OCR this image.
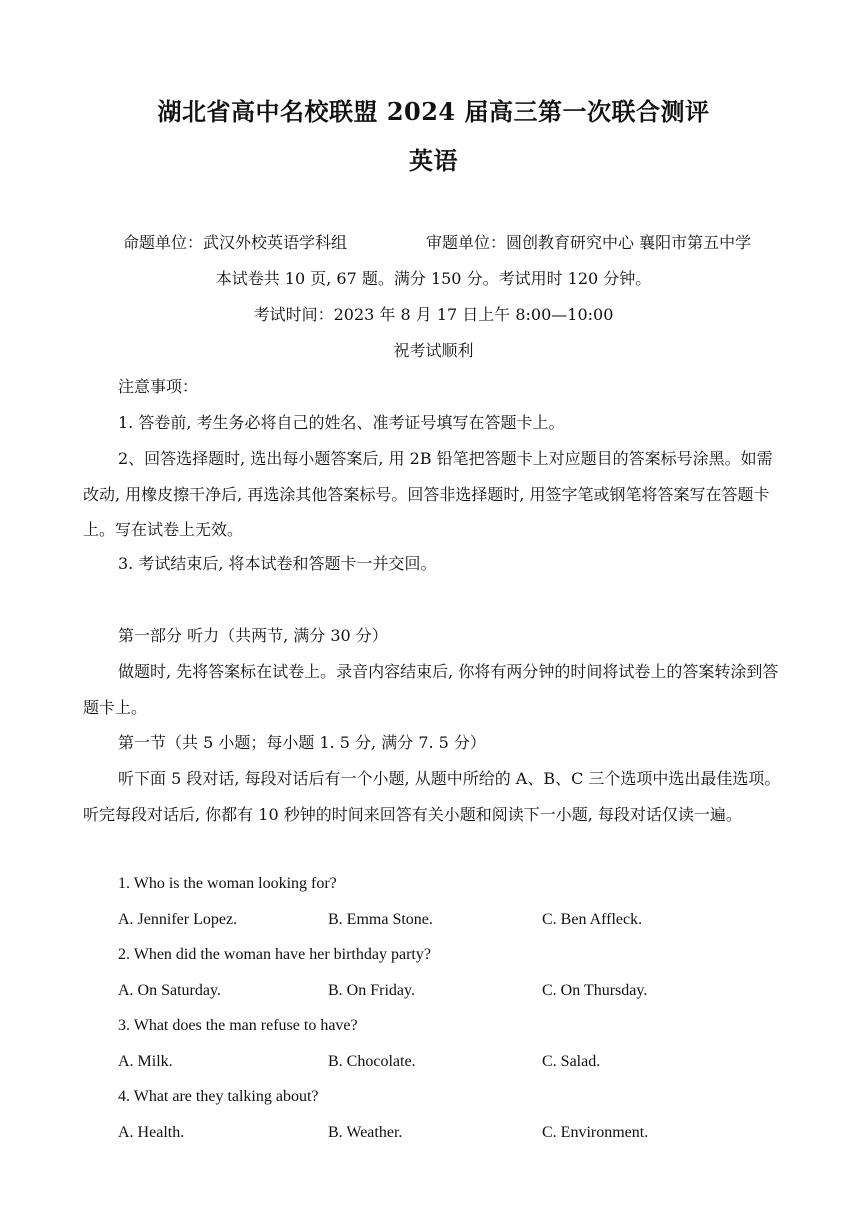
湖北省高中名校联盟 2024 届高三第一次联合测评
英语
命题单位：武汉外校英语学科组	审题单位：圆创教育研究中心 襄阳市第五中学
本试卷共 10 页, 67 题。满分 150 分。考试用时 120 分钟。
考试时间：2023 年 8 月 17 日上午 8:00—10:00
祝考试顺利
注意事项：
1. 答卷前, 考生务必将自己的姓名、准考证号填写在答题卡上。
2、回答选择题时, 选出每小题答案后, 用 2B 铅笔把答题卡上对应题目的答案标号涂黑。如需改动, 用橡皮擦干净后, 再选涂其他答案标号。回答非选择题时, 用签字笔或钢笔将答案写在答题卡上。写在试卷上无效。
3. 考试结束后, 将本试卷和答题卡一并交回。
第一部分 听力（共两节, 满分 30 分）
做题时, 先将答案标在试卷上。录音内容结束后, 你将有两分钟的时间将试卷上的答案转涂到答题卡上。
第一节（共 5 小题；每小题 1. 5 分, 满分 7. 5 分）
听下面 5 段对话, 每段对话后有一个小题, 从题中所给的 A、B、C 三个选项中选出最佳选项。听完每段对话后, 你都有 10 秒钟的时间来回答有关小题和阅读下一小题, 每段对话仅读一遍。
1. Who is the woman looking for?
A. Jennifer Lopez.	B. Emma Stone.	C. Ben Affleck.
2. When did the woman have her birthday party?
A. On Saturday.	B. On Friday.	C. On Thursday.
3. What does the man refuse to have?
A. Milk.	B. Chocolate.	C. Salad.
4. What are they talking about?
A. Health.	B. Weather.	C. Environment.
